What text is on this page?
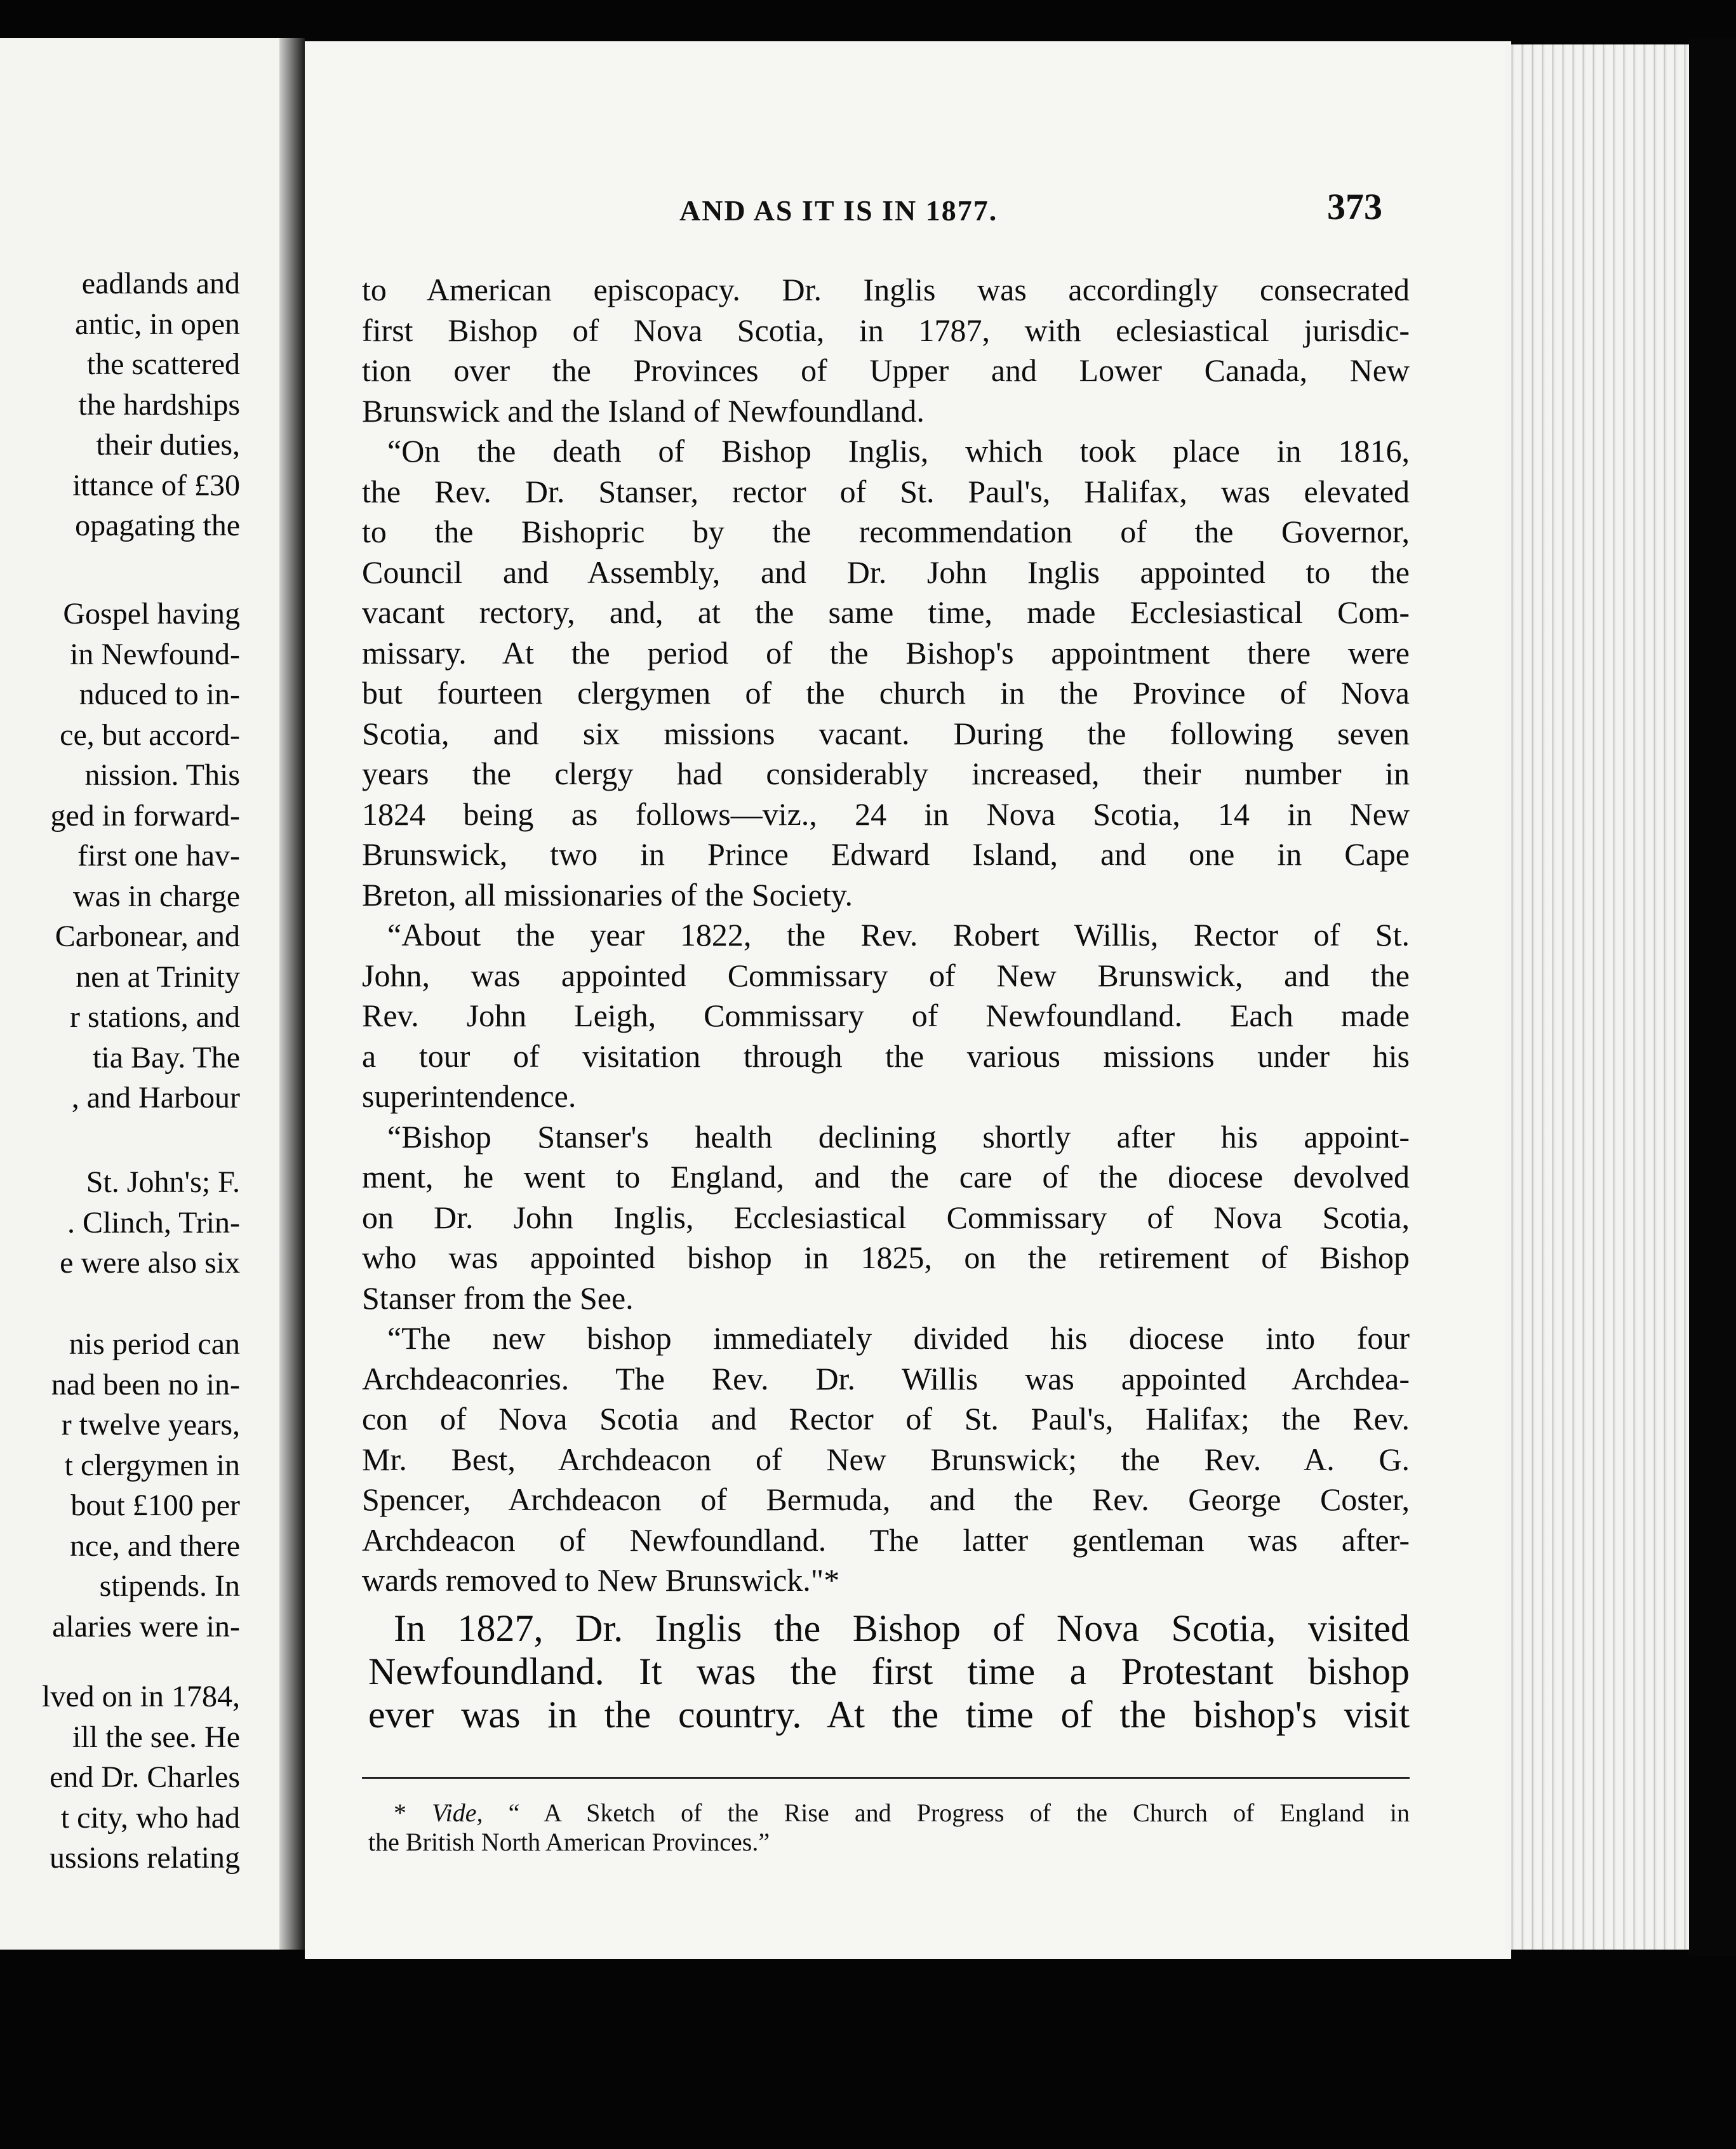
eadlands and
antic, in open
the scattered
the hardships
their duties,
ittance of £30
opagating the
Gospel having
in Newfound-
nduced to in-
ce, but accord-
nission. This
ged in forward-
first one hav-
was in charge
Carbonear, and
nen at Trinity
r stations, and
tia Bay. The
, and Harbour
St. John's; F.
. Clinch, Trin-
e were also six
nis period can
nad been no in-
r twelve years,
t clergymen in
bout £100 per
nce, and there
stipends. In
alaries were in-
lved on in 1784,
ill the see. He
end Dr. Charles
t city, who had
ussions relating
AND AS IT IS IN 1877.	373
to American episcopacy. Dr. Inglis was accordingly consecrated
first Bishop of Nova Scotia, in 1787, with eclesiastical jurisdic-
tion over the Provinces of Upper and Lower Canada, New
Brunswick and the Island of Newfoundland.
“On the death of Bishop Inglis, which took place in 1816,
the Rev. Dr. Stanser, rector of St. Paul's, Halifax, was elevated
to the Bishopric by the recommendation of the Governor,
Council and Assembly, and Dr. John Inglis appointed to the
vacant rectory, and, at the same time, made Ecclesiastical Com-
missary. At the period of the Bishop's appointment there were
but fourteen clergymen of the church in the Province of Nova
Scotia, and six missions vacant. During the following seven
years the clergy had considerably increased, their number in
1824 being as follows—viz., 24 in Nova Scotia, 14 in New
Brunswick, two in Prince Edward Island, and one in Cape
Breton, all missionaries of the Society.
“About the year 1822, the Rev. Robert Willis, Rector of St.
John, was appointed Commissary of New Brunswick, and the
Rev. John Leigh, Commissary of Newfoundland. Each made
a tour of visitation through the various missions under his
superintendence.
“Bishop Stanser's health declining shortly after his appoint-
ment, he went to England, and the care of the diocese devolved
on Dr. John Inglis, Ecclesiastical Commissary of Nova Scotia,
who was appointed bishop in 1825, on the retirement of Bishop
Stanser from the See.
“The new bishop immediately divided his diocese into four
Archdeaconries. The Rev. Dr. Willis was appointed Archdea-
con of Nova Scotia and Rector of St. Paul's, Halifax; the Rev.
Mr. Best, Archdeacon of New Brunswick; the Rev. A. G.
Spencer, Archdeacon of Bermuda, and the Rev. George Coster,
Archdeacon of Newfoundland. The latter gentleman was after-
wards removed to New Brunswick."*
In 1827, Dr. Inglis the Bishop of Nova Scotia, visited
Newfoundland. It was the first time a Protestant bishop
ever was in the country. At the time of the bishop's visit
* Vide, “ A Sketch of the Rise and Progress of the Church of England in
the British North American Provinces.”
